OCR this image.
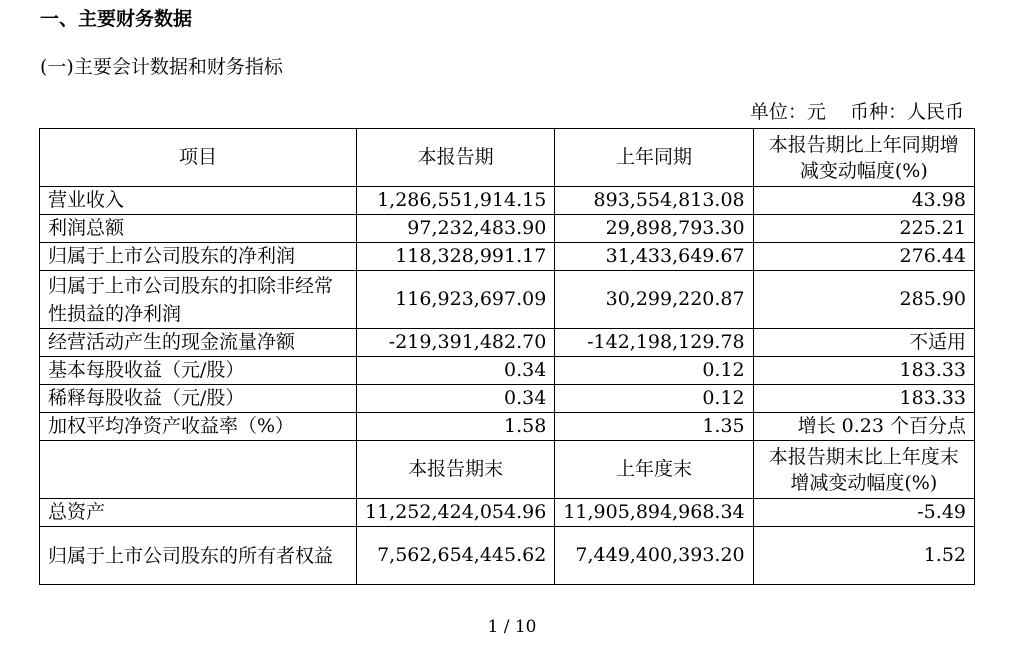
一、主要财务数据
(一)主要会计数据和财务指标
单位：元    币种：人民币
项目	本报告期	上年同期	本报告期比上年同期增减变动幅度(%)
营业收入	1,286,551,914.15	893,554,813.08	43.98
利润总额	97,232,483.90	29,898,793.30	225.21
归属于上市公司股东的净利润	118,328,991.17	31,433,649.67	276.44
归属于上市公司股东的扣除非经常性损益的净利润	116,923,697.09	30,299,220.87	285.90
经营活动产生的现金流量净额	-219,391,482.70	-142,198,129.78	不适用
基本每股收益（元/股）	0.34	0.12	183.33
稀释每股收益（元/股）	0.34	0.12	183.33
加权平均净资产收益率（%）	1.58	1.35	增长 0.23 个百分点
	本报告期末	上年度末	本报告期末比上年度末增减变动幅度(%)
总资产	11,252,424,054.96	11,905,894,968.34	-5.49
归属于上市公司股东的所有者权益	7,562,654,445.62	7,449,400,393.20	1.52
1 / 10
